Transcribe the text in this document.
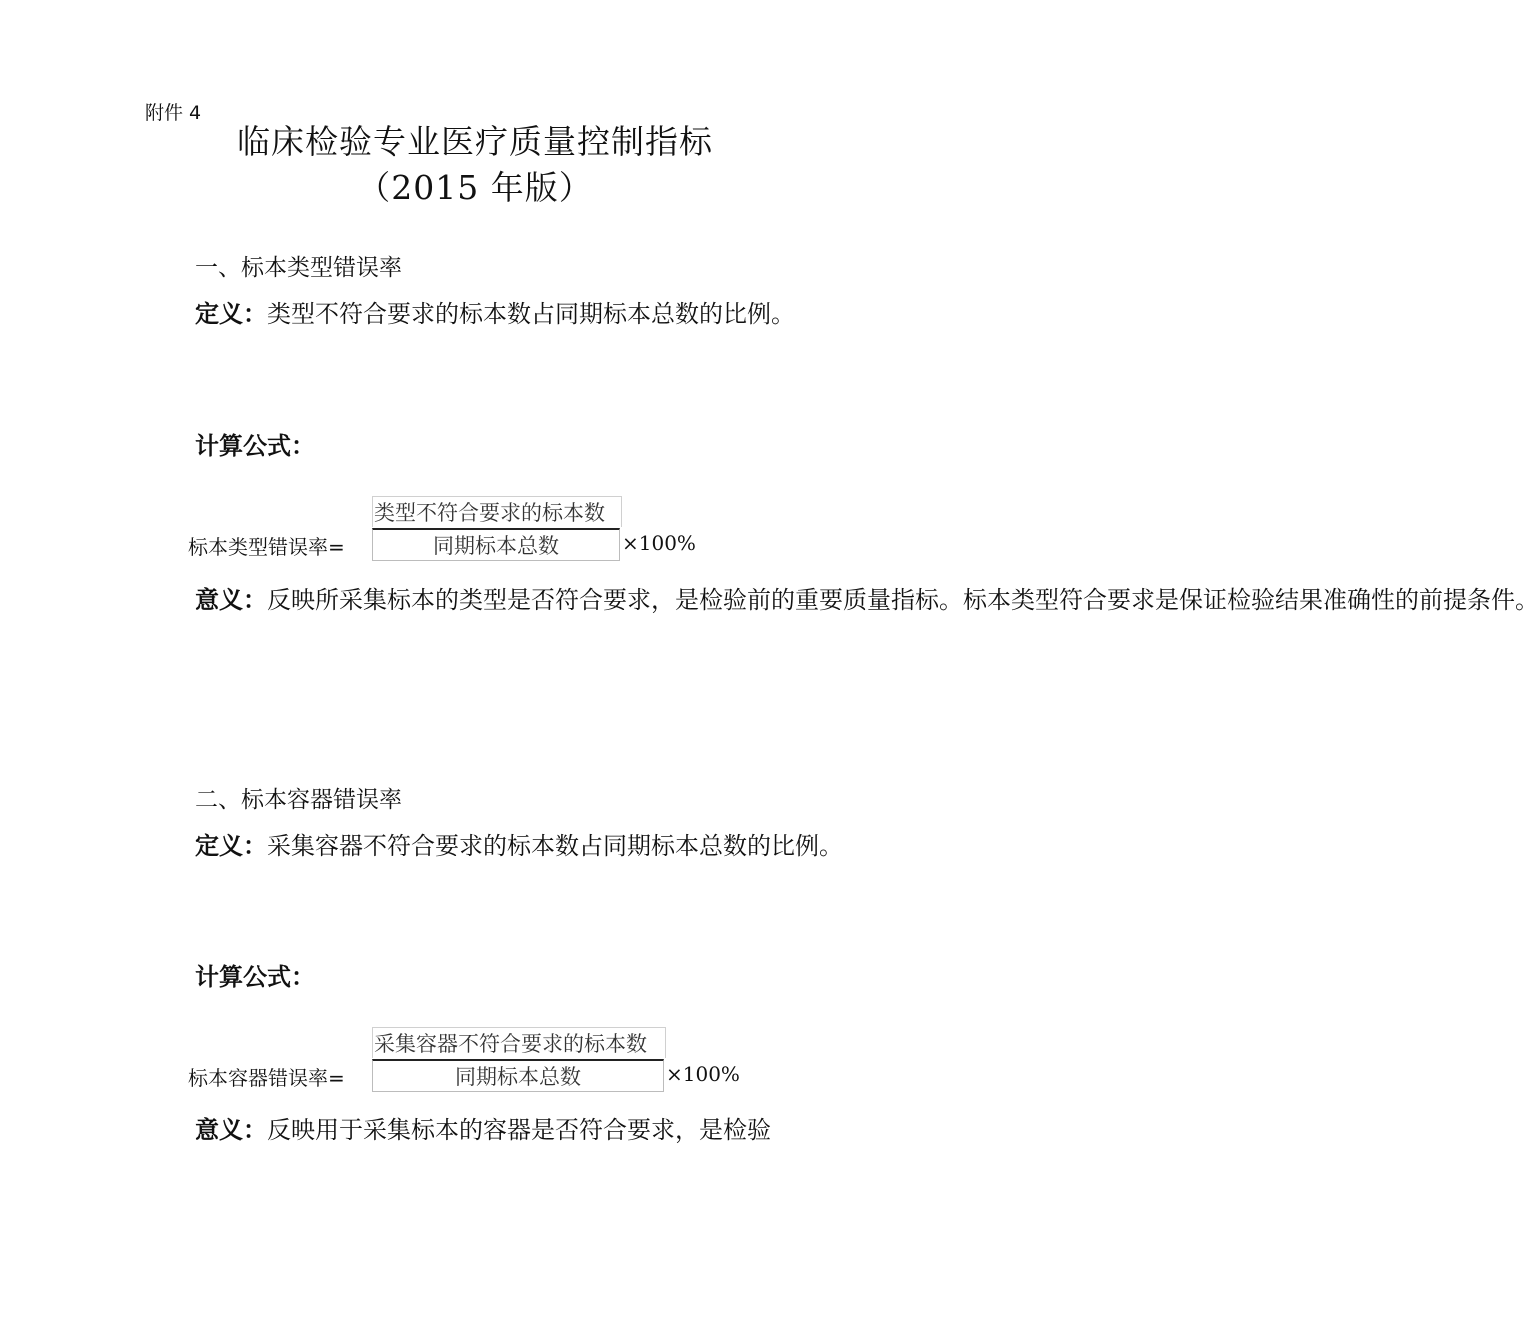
附件 4
临床检验专业医疗质量控制指标
（2015 年版）
一、标本类型错误率
定义：类型不符合要求的标本数占同期标本总数的比例。
计算公式：
标本类型错误率=
类型不符合要求的标本数
同期标本总数	×100%
意义：反映所采集标本的类型是否符合要求，是检验前的重要质量指标。标本类型符合要求是保证检验结果准确性的前提条件。
二、标本容器错误率
定义：采集容器不符合要求的标本数占同期标本总数的比例。
计算公式：
标本容器错误率=
采集容器不符合要求的标本数
同期标本总数	×100%
意义：反映用于采集标本的容器是否符合要求，是检验
